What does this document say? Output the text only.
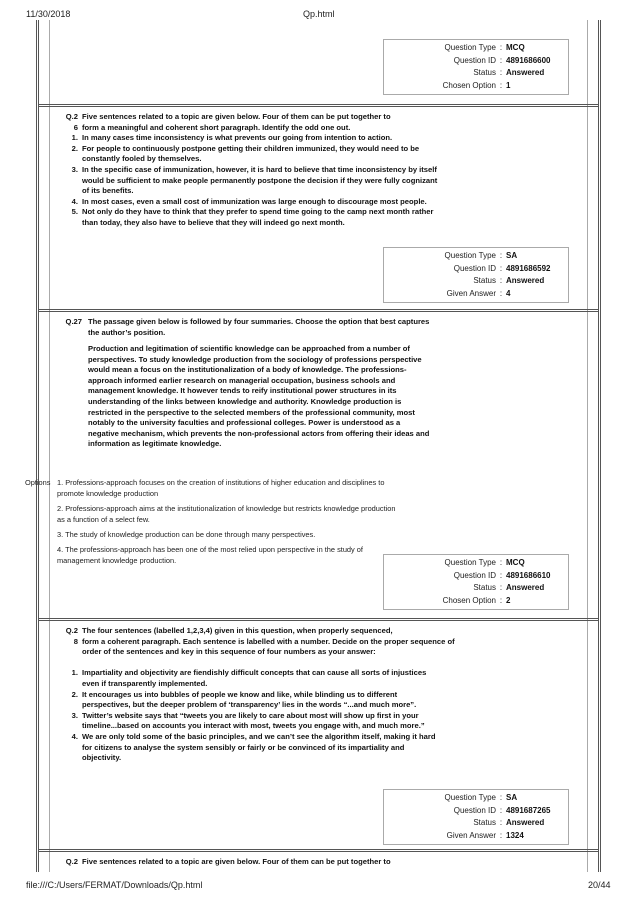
11/30/2018	Qp.html
Question Type : MCQ
Question ID : 4891686600
Status : Answered
Chosen Option : 1
Q.2
6
Five sentences related to a topic are given below. Four of them can be put together to
form a meaningful and coherent short paragraph. Identify the odd one out.
1. In many cases time inconsistency is what prevents our going from intention to action.
2. For people to continuously postpone getting their children immunized, they would need to be constantly fooled by themselves.
3. In the specific case of immunization, however, it is hard to believe that time inconsistency by itself would be sufficient to make people permanently postpone the decision if they were fully cognizant of its benefits.
4. In most cases, even a small cost of immunization was large enough to discourage most people.
5. Not only do they have to think that they prefer to spend time going to the camp next month rather than today, they also have to believe that they will indeed go next month.
Question Type : SA
Question ID : 4891686592
Status : Answered
Given Answer : 4
Q.27 The passage given below is followed by four summaries. Choose the option that best captures the author’s position.
Production and legitimation of scientific knowledge can be approached from a number of perspectives. To study knowledge production from the sociology of professions perspective would mean a focus on the institutionalization of a body of knowledge. The professions-approach informed earlier research on managerial occupation, business schools and management knowledge. It however tends to reify institutional power structures in its understanding of the links between knowledge and authority. Knowledge production is restricted in the perspective to the selected members of the professional community, most notably to the university faculties and professional colleges. Power is understood as a negative mechanism, which prevents the non-professional actors from offering their ideas and information as legitimate knowledge.
Options 1. Professions-approach focuses on the creation of institutions of higher education and disciplines to promote knowledge production
2. Professions-approach aims at the institutionalization of knowledge but restricts knowledge production as a function of a select few.
3. The study of knowledge production can be done through many perspectives.
4. The professions-approach has been one of the most relied upon perspective in the study of management knowledge production.	Question Type : MCQ
Question ID : 4891686610
Status : Answered
Chosen Option : 2
Q.2
8
The four sentences (labelled 1,2,3,4) given in this question, when properly sequenced,
form a coherent paragraph. Each sentence is labelled with a number. Decide on the proper sequence of order of the sentences and key in this sequence of four numbers as your answer:
1. Impartiality and objectivity are fiendishly difficult concepts that can cause all sorts of injustices even if transparently implemented.
2. It encourages us into bubbles of people we know and like, while blinding us to different perspectives, but the deeper problem of ‘transparency’ lies in the words “...and much more”.
3. Twitter’s website says that “tweets you are likely to care about most will show up first in your timeline...based on accounts you interact with most, tweets you engage with, and much more.”
4. We are only told some of the basic principles, and we can’t see the algorithm itself, making it hard for citizens to analyse the system sensibly or fairly or be convinced of its impartiality and objectivity.
Question Type : SA
Question ID : 4891687265
Status : Answered
Given Answer : 1324
Q.2 Five sentences related to a topic are given below. Four of them can be put together to
file:///C:/Users/FERMAT/Downloads/Qp.html	20/44
